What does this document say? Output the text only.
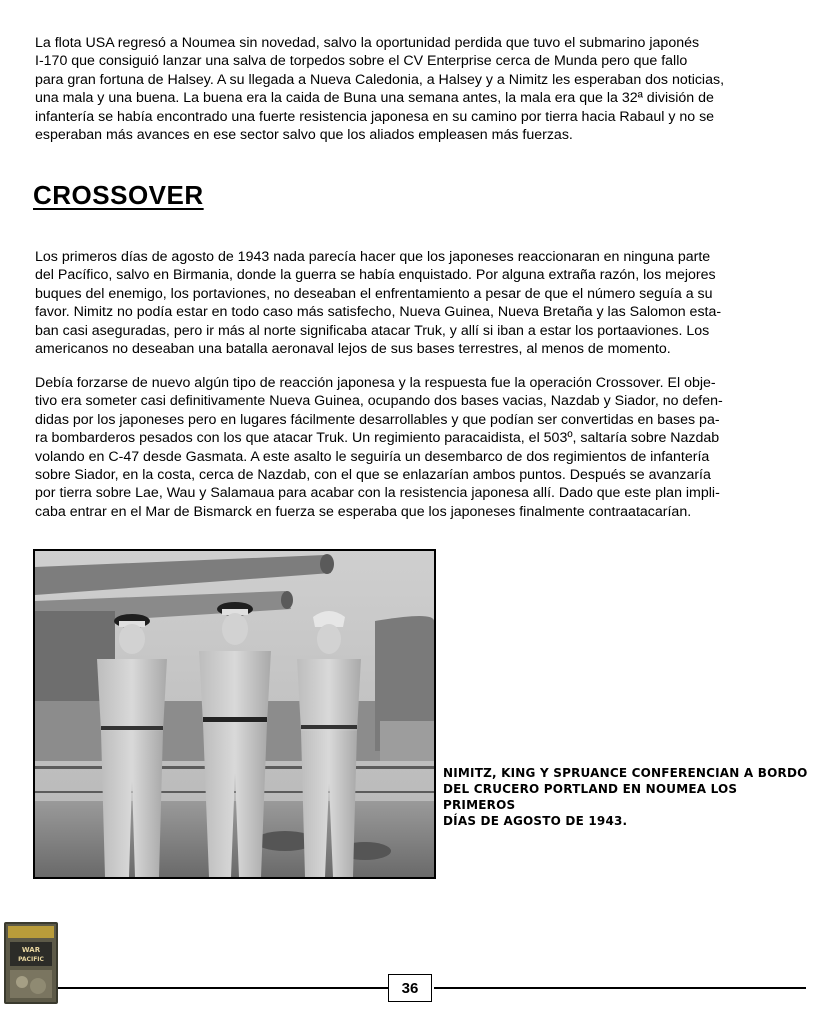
La flota USA regresó a Noumea sin novedad, salvo la oportunidad perdida que tuvo el submarino japonés
I-170 que consiguió lanzar una salva de torpedos sobre el CV Enterprise cerca de Munda pero que fallo
para gran fortuna de Halsey. A su llegada a Nueva Caledonia, a Halsey y a Nimitz les esperaban dos noticias,
una mala y una buena. La buena era la caida de Buna una semana antes, la mala era que la 32ª división de
infantería se había encontrado una fuerte resistencia japonesa en su camino por tierra hacia Rabaul y no se
esperaban más avances en ese sector salvo que los aliados empleasen más fuerzas.

CROSSOVER

Los primeros días de agosto de 1943 nada parecía hacer que los japoneses reaccionaran en ninguna parte
del Pacífico, salvo en Birmania, donde la guerra se había enquistado. Por alguna extraña razón, los mejores
buques del enemigo, los portaviones, no deseaban el enfrentamiento a pesar de que el número seguía a su
favor. Nimitz no podía estar en todo caso más satisfecho, Nueva Guinea, Nueva Bretaña y las Salomon esta-
ban casi aseguradas, pero ir más al norte significaba atacar Truk, y allí si iban a estar los portaaviones. Los
americanos no deseaban una batalla aeronaval lejos de sus bases terrestres, al menos de momento.

Debía forzarse de nuevo algún tipo de reacción japonesa y la respuesta fue la operación Crossover. El obje-
tivo era someter casi definitivamente Nueva Guinea, ocupando dos bases vacias, Nazdab y Siador, no defen-
didas por los japoneses pero en lugares fácilmente desarrollables y que podían ser convertidas en bases pa-
ra bombarderos pesados con los que atacar Truk. Un regimiento paracaidista, el 503º, saltaría sobre Nazdab
volando en C-47 desde Gasmata. A este asalto le seguiría un desembarco de dos regimientos de infantería
sobre Siador, en la costa, cerca de Nazdab, con el que se enlazarían ambos puntos. Después se avanzaría
por tierra sobre Lae, Wau y Salamaua para acabar con la resistencia japonesa allí. Dado que este plan impli-
caba entrar en el Mar de Bismarck en fuerza se esperaba que los japoneses finalmente contraatacarían.

NIMITZ, KING Y SPRUANCE CONFERENCIAN A BORDO
DEL CRUCERO PORTLAND EN NOUMEA LOS PRIMEROS
DÍAS DE AGOSTO DE 1943.

WAR
PACIFIC
36
